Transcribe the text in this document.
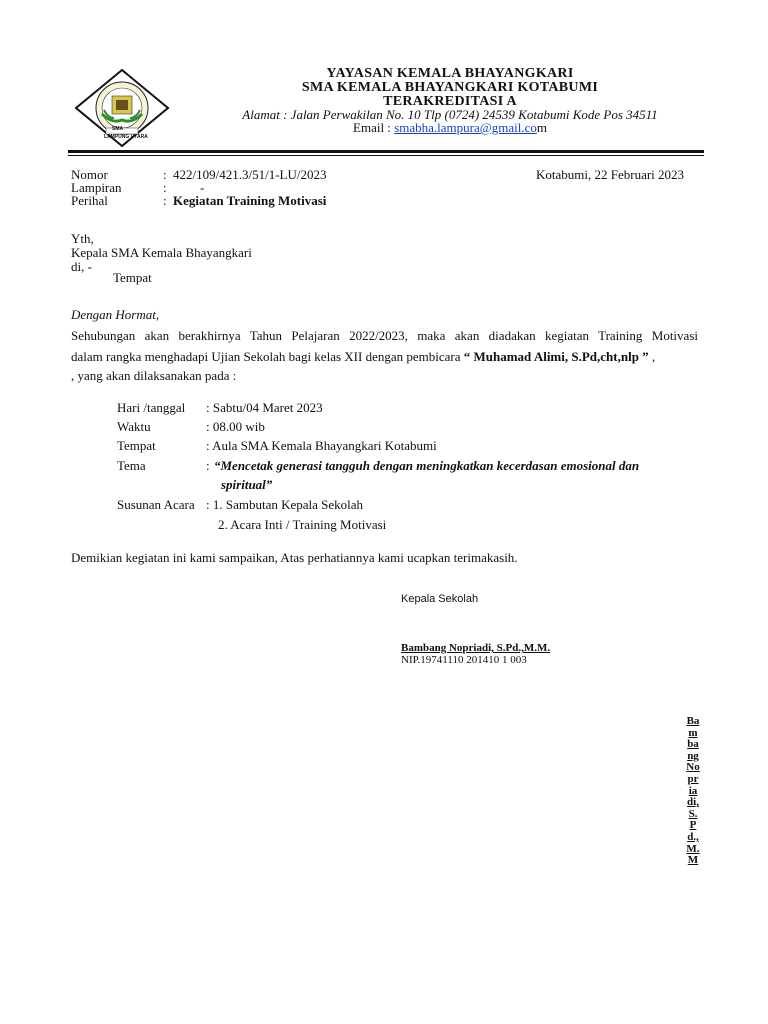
SMA
LAMPUNG UTARA
YAYASAN KEMALA BHAYANGKARI
SMA KEMALA BHAYANGKARI KOTABUMI
TERAKREDITASI A
Alamat : Jalan Perwakilan No. 10 Tlp (0724) 24539 Kotabumi Kode Pos 34511
Email : smabha.lampura@gmail.com
Nomor	: 422/109/421.3/51/1-LU/2023	Kotabumi, 22 Februari 2023
Lampiran	:	-
Perihal	: Kegiatan Training Motivasi
Yth,
Kepala SMA Kemala Bhayangkari
di, -
Tempat
Dengan Hormat,
Sehubungan akan berakhirnya Tahun Pelajaran 2022/2023, maka akan diadakan kegiatan Training Motivasi
dalam rangka menghadapi Ujian Sekolah bagi kelas XII dengan pembicara “ Muhamad Alimi, S.Pd,cht,nlp ” ,
, yang akan dilaksanakan pada :
Hari /tanggal : Sabtu/04 Maret 2023
Waktu	: 08.00 wib
Tempat	: Aula SMA Kemala Bhayangkari Kotabumi
Tema	: “Mencetak generasi tangguh dengan meningkatkan kecerdasan emosional dan
spiritual”
Susunan Acara : 1. Sambutan Kepala Sekolah
2. Acara Inti / Training Motivasi
Demikian kegiatan ini kami sampaikan, Atas perhatiannya kami ucapkan terimakasih.
Kepala Sekolah
Bambang Nopriadi, S.Pd.,M.M.
NIP.19741110 201410 1 003
BambangNopriadi,S.Pd.,M.M
